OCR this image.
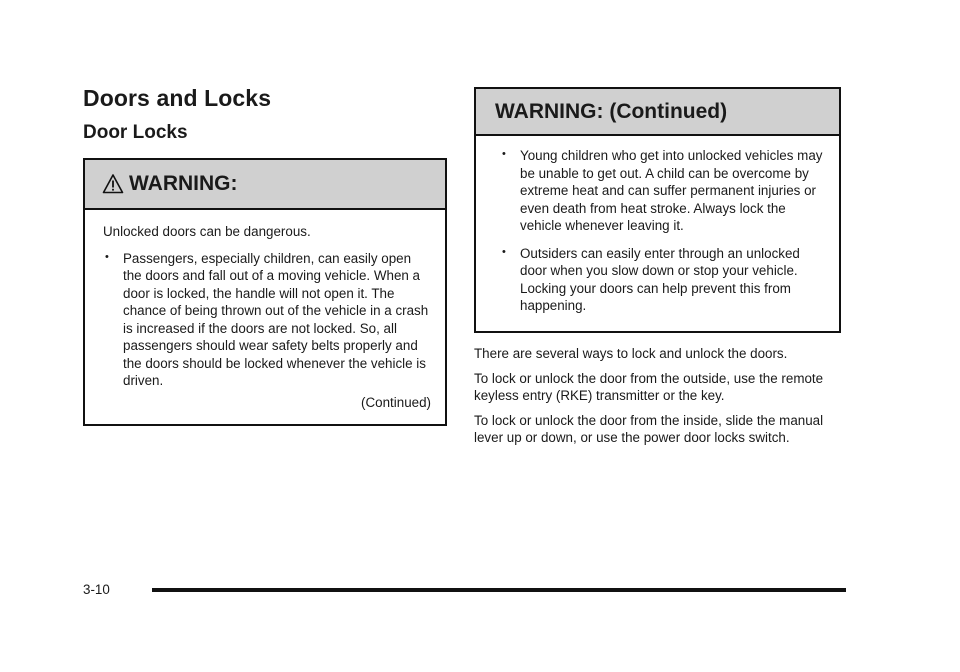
Doors and Locks
Door Locks
WARNING:

Unlocked doors can be dangerous.

• Passengers, especially children, can easily open the doors and fall out of a moving vehicle. When a door is locked, the handle will not open it. The chance of being thrown out of the vehicle in a crash is increased if the doors are not locked. So, all passengers should wear safety belts properly and the doors should be locked whenever the vehicle is driven.
(Continued)
WARNING: (Continued)
• Young children who get into unlocked vehicles may be unable to get out. A child can be overcome by extreme heat and can suffer permanent injuries or even death from heat stroke. Always lock the vehicle whenever leaving it.
• Outsiders can easily enter through an unlocked door when you slow down or stop your vehicle. Locking your doors can help prevent this from happening.

There are several ways to lock and unlock the doors.

To lock or unlock the door from the outside, use the remote keyless entry (RKE) transmitter or the key.

To lock or unlock the door from the inside, slide the manual lever up or down, or use the power door locks switch.

3-10
